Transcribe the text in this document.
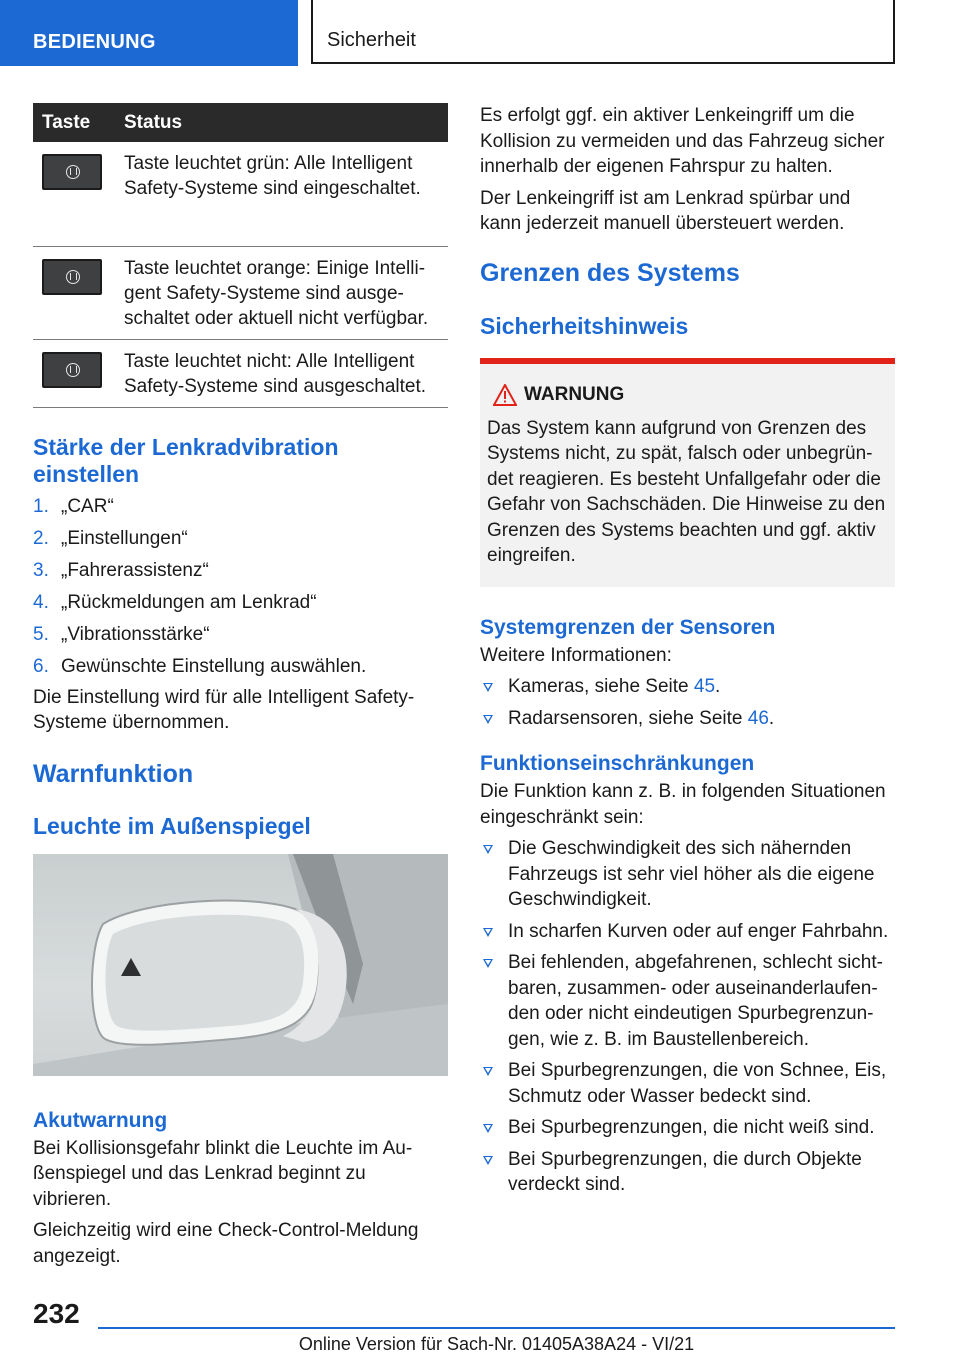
BEDIENUNG	Sicherheit
Taste	Status

	Taste leuchtet grün: Alle Intelligent Safety-Systeme sind eingeschaltet.

	Taste leuchtet orange: Einige Intelligent Safety-Systeme sind ausgeschaltet oder aktuell nicht verfügbar.

	Taste leuchtet nicht: Alle Intelligent Safety-Systeme sind ausgeschaltet.
Stärke der Lenkradvibration einstellen
1. „CAR“
2. „Einstellungen“
3. „Fahrerassistenz“
4. „Rückmeldungen am Lenkrad“
5. „Vibrationsstärke“
6. Gewünschte Einstellung auswählen.

Die Einstellung wird für alle Intelligent Safety-Systeme übernommen.

Warnfunktion
Leuchte im Außenspiegel
Akutwarnung

Bei Kollisionsgefahr blinkt die Leuchte im Außenspiegel und das Lenkrad beginnt zu vibrieren.

Gleichzeitig wird eine Check-Control-Meldung angezeigt.

Es erfolgt ggf. ein aktiver Lenkeingriff um die Kollision zu vermeiden und das Fahrzeug sicher innerhalb der eigenen Fahrspur zu halten.

Der Lenkeingriff ist am Lenkrad spürbar und kann jederzeit manuell übersteuert werden.

Grenzen des Systems
Sicherheitshinweis
WARNUNG

Das System kann aufgrund von Grenzen des Systems nicht, zu spät, falsch oder unbegründet reagieren. Es besteht Unfallgefahr oder die Gefahr von Sachschäden. Die Hinweise zu den Grenzen des Systems beachten und ggf. aktiv eingreifen.

Systemgrenzen der Sensoren

Weitere Informationen:

Kameras, siehe Seite 45.
Radarsensoren, siehe Seite 46.
Funktionseinschränkungen

Die Funktion kann z. B. in folgenden Situationen eingeschränkt sein:

Die Geschwindigkeit des sich nähernden Fahrzeugs ist sehr viel höher als die eigene Geschwindigkeit.
In scharfen Kurven oder auf enger Fahrbahn.
Bei fehlenden, abgefahrenen, schlecht sichtbaren, zusammen- oder auseinanderlaufenden oder nicht eindeutigen Spurbegrenzungen, wie z. B. im Baustellenbereich.
Bei Spurbegrenzungen, die von Schnee, Eis, Schmutz oder Wasser bedeckt sind.
Bei Spurbegrenzungen, die nicht weiß sind.
Bei Spurbegrenzungen, die durch Objekte verdeckt sind.
232
Online Version für Sach-Nr. 01405A38A24 - VI/21
